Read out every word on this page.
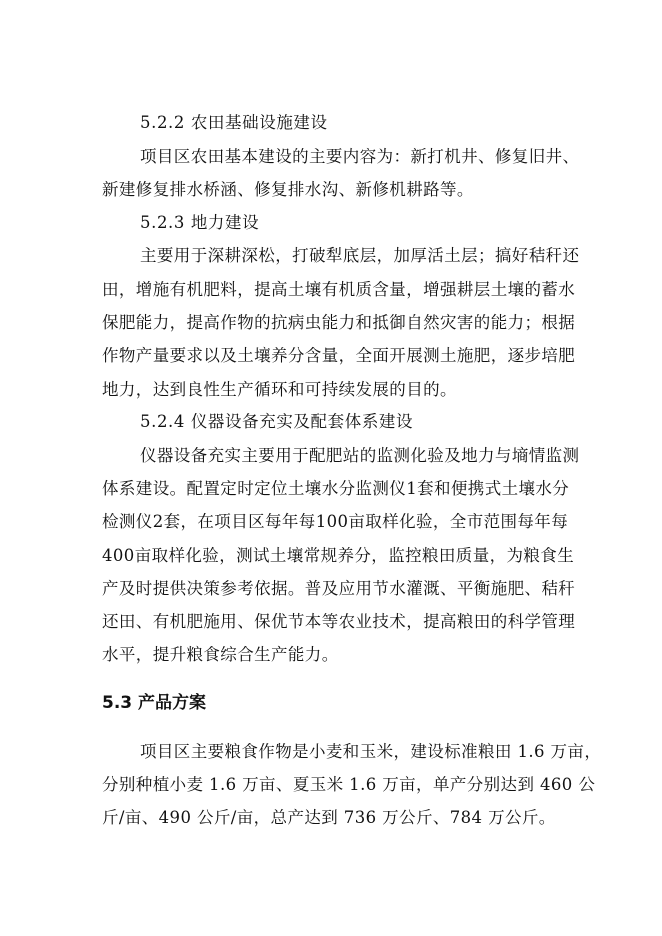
5.2.2 农田基础设施建设
项目区农田基本建设的主要内容为：新打机井、修复旧井、
新建修复排水桥涵、修复排水沟、新修机耕路等。
5.2.3 地力建设
主要用于深耕深松，打破犁底层，加厚活土层；搞好秸秆还
田，增施有机肥料，提高土壤有机质含量，增强耕层土壤的蓄水
保肥能力，提高作物的抗病虫能力和抵御自然灾害的能力；根据
作物产量要求以及土壤养分含量，全面开展测土施肥，逐步培肥
地力，达到良性生产循环和可持续发展的目的。
5.2.4 仪器设备充实及配套体系建设
仪器设备充实主要用于配肥站的监测化验及地力与墒情监测
体系建设。配置定时定位土壤水分监测仪1套和便携式土壤水分
检测仪2套，在项目区每年每100亩取样化验，全市范围每年每
400亩取样化验，测试土壤常规养分，监控粮田质量，为粮食生
产及时提供决策参考依据。普及应用节水灌溉、平衡施肥、秸秆
还田、有机肥施用、保优节本等农业技术，提高粮田的科学管理
水平，提升粮食综合生产能力。
5.3 产品方案
项目区主要粮食作物是小麦和玉米，建设标准粮田 1.6 万亩，
分别种植小麦 1.6 万亩、夏玉米 1.6 万亩，单产分别达到 460 公
斤/亩、490 公斤/亩，总产达到 736 万公斤、784 万公斤。
